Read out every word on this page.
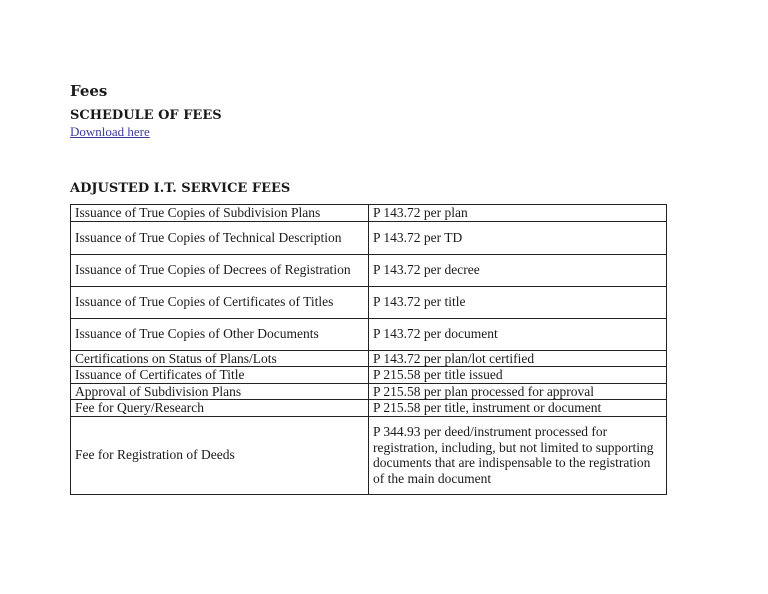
Fees
SCHEDULE OF FEES
Download here
ADJUSTED I.T. SERVICE FEES
Issuance of True Copies of Subdivision Plans	P 143.72 per plan
Issuance of True Copies of Technical Description	P 143.72 per TD
Issuance of True Copies of Decrees of Registration	P 143.72 per decree
Issuance of True Copies of Certificates of Titles	P 143.72 per title
Issuance of True Copies of Other Documents	P 143.72 per document
Certifications on Status of Plans/Lots	P 143.72 per plan/lot certified
Issuance of Certificates of Title	P 215.58 per title issued
Approval of Subdivision Plans	P 215.58 per plan processed for approval
Fee for Query/Research	P 215.58 per title, instrument or document
Fee for Registration of Deeds	P 344.93 per deed/instrument processed for registration, including, but not limited to supporting documents that are indispensable to the registration of the main document
